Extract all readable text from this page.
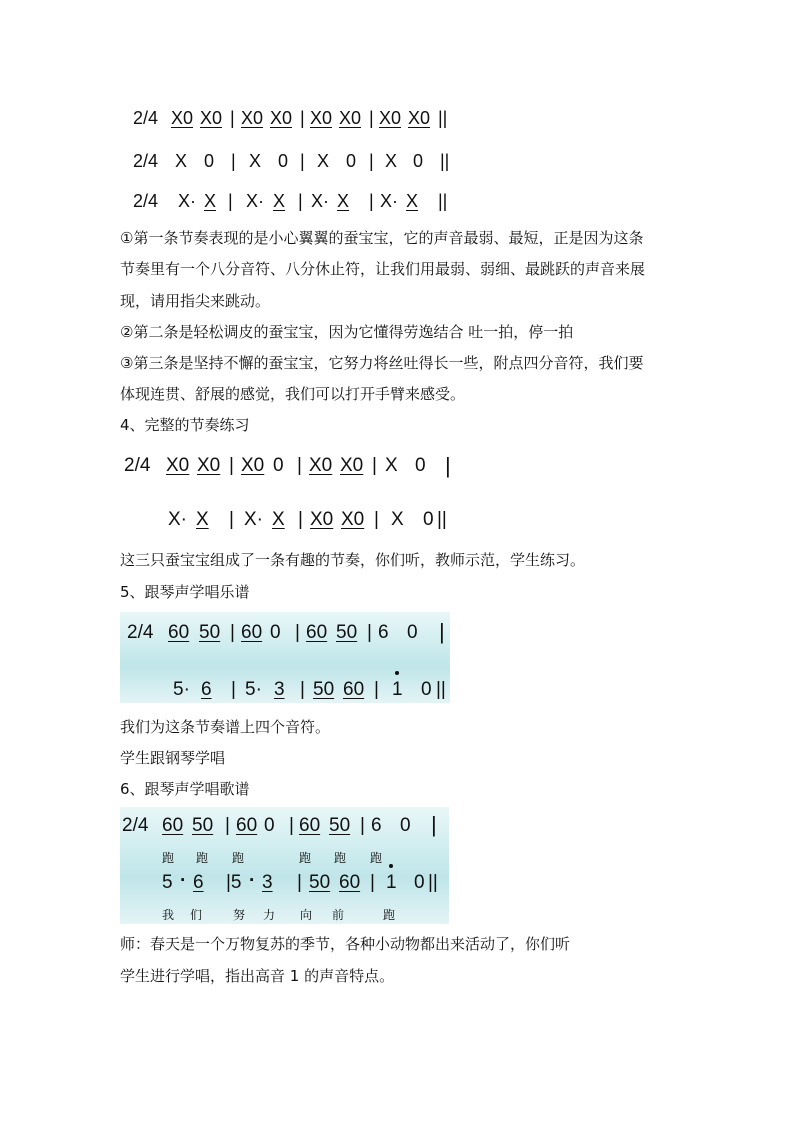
2/4 X0 X0 | X0 X0 | X0 X0 | X0 X0 ||
2/4 X 0 | X 0 | X 0 | X 0 ||
2/4 X· X | X· X | X· X | X· X ||
①第一条节奏表现的是小心翼翼的蚕宝宝，它的声音最弱、最短，正是因为这条
节奏里有一个八分音符、八分休止符，让我们用最弱、弱细、最跳跃的声音来展
现，请用指尖来跳动。
②第二条是轻松调皮的蚕宝宝，因为它懂得劳逸结合 吐一拍，停一拍
③第三条是坚持不懈的蚕宝宝，它努力将丝吐得长一些，附点四分音符，我们要
体现连贯、舒展的感觉，我们可以打开手臂来感受。
4、完整的节奏练习
2/4 X0 X0 | X0 0 | X0 X0 | X 0 |
X· X | X· X | X0 X0 | X 0 ||
这三只蚕宝宝组成了一条有趣的节奏，你们听，教师示范，学生练习。
5、跟琴声学唱乐谱
2/4 60 50 | 60 0 | 60 50 | 6 0 |
5· 6 | 5· 3 | 50 60 | 1 0 ||
我们为这条节奏谱上四个音符。
学生跟钢琴学唱
6、跟琴声学唱歌谱
2/4 60 50 | 60 0 | 60 50 | 6 0 |
跑 跑 跑	跑 跑 跑
5 · 6 |5 · 3 | 50 60 | 1 0 ||
我 们	努 力 向 前	跑
师：春天是一个万物复苏的季节，各种小动物都出来活动了，你们听
学生进行学唱，指出高音 1 的声音特点。
